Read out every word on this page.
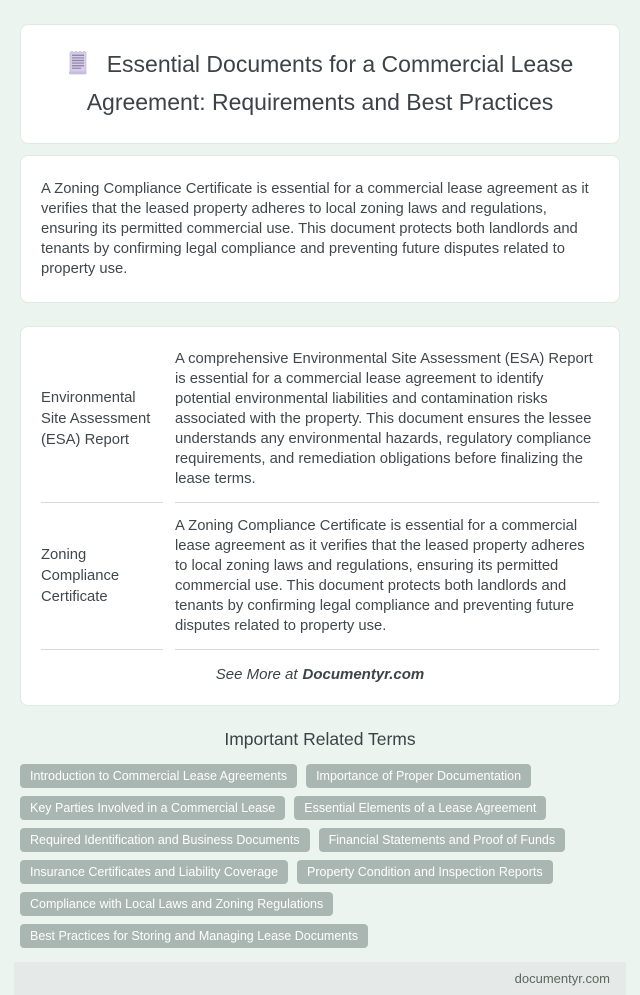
Essential Documents for a Commercial Lease Agreement: Requirements and Best Practices

A Zoning Compliance Certificate is essential for a commercial lease agreement as it verifies that the leased property adheres to local zoning laws and regulations, ensuring its permitted commercial use. This document protects both landlords and tenants by confirming legal compliance and preventing future disputes related to property use.

Environmental Site Assessment (ESA) Report	A comprehensive Environmental Site Assessment (ESA) Report is essential for a commercial lease agreement to identify potential environmental liabilities and contamination risks associated with the property. This document ensures the lessee understands any environmental hazards, regulatory compliance requirements, and remediation obligations before finalizing the lease terms.
Zoning Compliance Certificate	A Zoning Compliance Certificate is essential for a commercial lease agreement as it verifies that the leased property adheres to local zoning laws and regulations, ensuring its permitted commercial use. This document protects both landlords and tenants by confirming legal compliance and preventing future disputes related to property use.
See More at Documentyr.com
Important Related Terms
Introduction to Commercial Lease Agreements	Importance of Proper Documentation
Key Parties Involved in a Commercial Lease	Essential Elements of a Lease Agreement
Required Identification and Business Documents	Financial Statements and Proof of Funds
Insurance Certificates and Liability Coverage	Property Condition and Inspection Reports
Compliance with Local Laws and Zoning Regulations
Best Practices for Storing and Managing Lease Documents
documentyr.com
